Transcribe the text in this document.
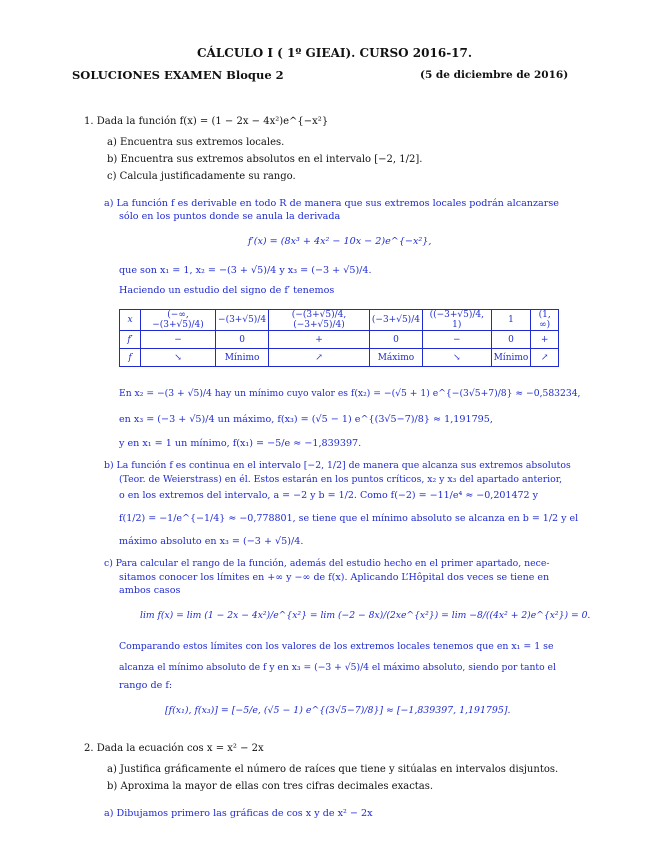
CÁLCULO I ( 1º GIEAI). CURSO 2016-17.
SOLUCIONES EXAMEN Bloque 2	(5 de diciembre de 2016)
1. Dada la función f(x) = (1 − 2x − 4x²)e^{−x²}
a) Encuentra sus extremos locales.
b) Encuentra sus extremos absolutos en el intervalo [−2, 1/2].
c) Calcula justificadamente su rango.
a) La función f es derivable en todo R de manera que sus extremos locales podrán alcanzarse
sólo en los puntos donde se anula la derivada
f′(x) = (8x³ + 4x² − 10x − 2)e^{−x²},
que son x₁ = 1, x₂ = −(3 + √5)/4 y x₃ = (−3 + √5)/4.
Haciendo un estudio del signo de f′ tenemos
x	(−∞, −(3+√5)/4)	−(3+√5)/4	(−(3+√5)/4, (−3+√5)/4)	(−3+√5)/4	((−3+√5)/4, 1)	1	(1, ∞)
f′	−	0	+	0	−	0	+
f	↘	Mínimo	↗	Máximo	↘	Mínimo	↗
En x₂ = −(3 + √5)/4 hay un mínimo cuyo valor es f(x₂) = −(√5 + 1) e^{−(3√5+7)/8} ≈ −0,583234,
en x₃ = (−3 + √5)/4 un máximo, f(x₃) = (√5 − 1) e^{(3√5−7)/8} ≈ 1,191795,
y en x₁ = 1 un mínimo, f(x₁) = −5/e ≈ −1,839397.
b) La función f es continua en el intervalo [−2, 1/2] de manera que alcanza sus extremos absolutos
(Teor. de Weierstrass) en él. Estos estarán en los puntos críticos, x₂ y x₃ del apartado anterior,
o en los extremos del intervalo, a = −2 y b = 1/2. Como f(−2) = −11/e⁴ ≈ −0,201472 y
f(1/2) = −1/e^{−1/4} ≈ −0,778801, se tiene que el mínimo absoluto se alcanza en b = 1/2 y el
máximo absoluto en x₃ = (−3 + √5)/4.
c) Para calcular el rango de la función, además del estudio hecho en el primer apartado, nece-
sitamos conocer los límites en +∞ y −∞ de f(x). Aplicando L’Hôpital dos veces se tiene en
ambos casos
lim f(x) = lim (1 − 2x − 4x²)/e^{x²} = lim (−2 − 8x)/(2xe^{x²}) = lim −8/((4x² + 2)e^{x²}) = 0.
Comparando estos límites con los valores de los extremos locales tenemos que en x₁ = 1 se
alcanza el mínimo absoluto de f y en x₃ = (−3 + √5)/4 el máximo absoluto, siendo por tanto el
rango de f:
[f(x₁), f(x₃)] = [−5/e, (√5 − 1) e^{(3√5−7)/8}] ≈ [−1,839397, 1,191795].
2. Dada la ecuación cos x = x² − 2x
a) Justifica gráficamente el número de raíces que tiene y sitúalas en intervalos disjuntos.
b) Aproxima la mayor de ellas con tres cifras decimales exactas.
a) Dibujamos primero las gráficas de cos x y de x² − 2x
